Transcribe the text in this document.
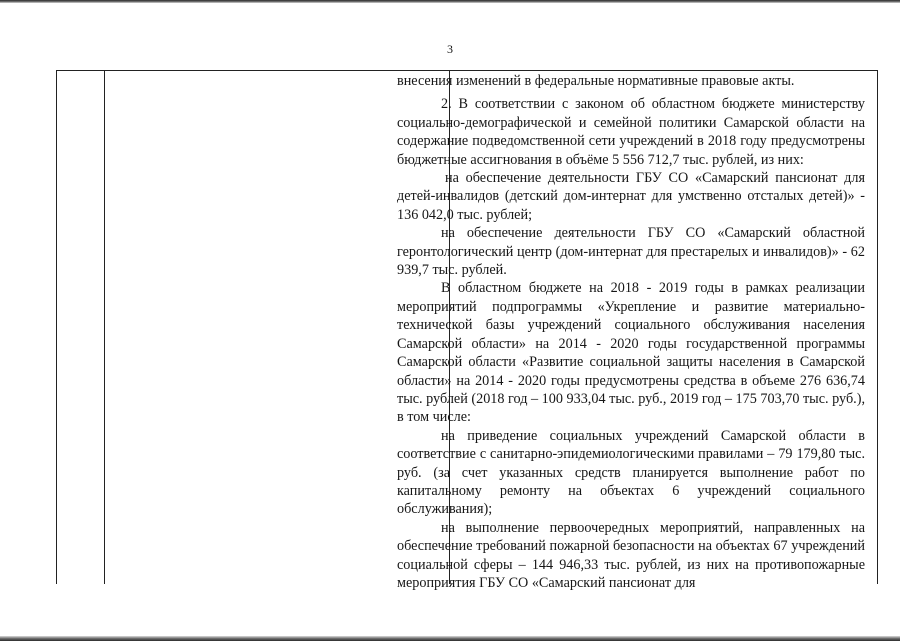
3

внесения изменений в федеральные нормативные правовые акты.

2. В соответствии с законом об областном бюджете министерству социально-демографической и семейной политики Самарской области на содержание подведомственной сети учреждений в 2018 году предусмотрены бюджетные ассигнования в объёме 5 556 712,7 тыс. рублей, из них:

на обеспечение деятельности ГБУ СО «Самарский пансионат для детей-инвалидов (детский дом-интернат для умственно отсталых детей)» - 136 042,0 тыс. рублей;

на обеспечение деятельности ГБУ СО «Самарский областной геронтологический центр (дом-интернат для престарелых и инвалидов)» - 62 939,7 тыс. рублей.

В областном бюджете на 2018 - 2019 годы в рамках реализации мероприятий подпрограммы «Укрепление и развитие материально-технической базы учреждений социального обслуживания населения Самарской области» на 2014 - 2020 годы государственной программы Самарской области «Развитие социальной защиты населения в Самарской области» на 2014 - 2020 годы предусмотрены средства в объеме 276 636,74 тыс. рублей (2018 год – 100 933,04 тыс. руб., 2019 год – 175 703,70 тыс. руб.), в том числе:

на приведение социальных учреждений Самарской области в соответствие с санитарно-эпидемиологическими правилами – 79 179,80 тыс. руб. (за счет указанных средств планируется выполнение работ по капитальному ремонту на объектах 6 учреждений социального обслуживания);

на выполнение первоочередных мероприятий, направленных на обеспечение требований пожарной безопасности на объектах 67 учреждений социальной сферы – 144 946,33 тыс. рублей, из них на противопожарные мероприятия ГБУ СО «Самарский пансионат для
